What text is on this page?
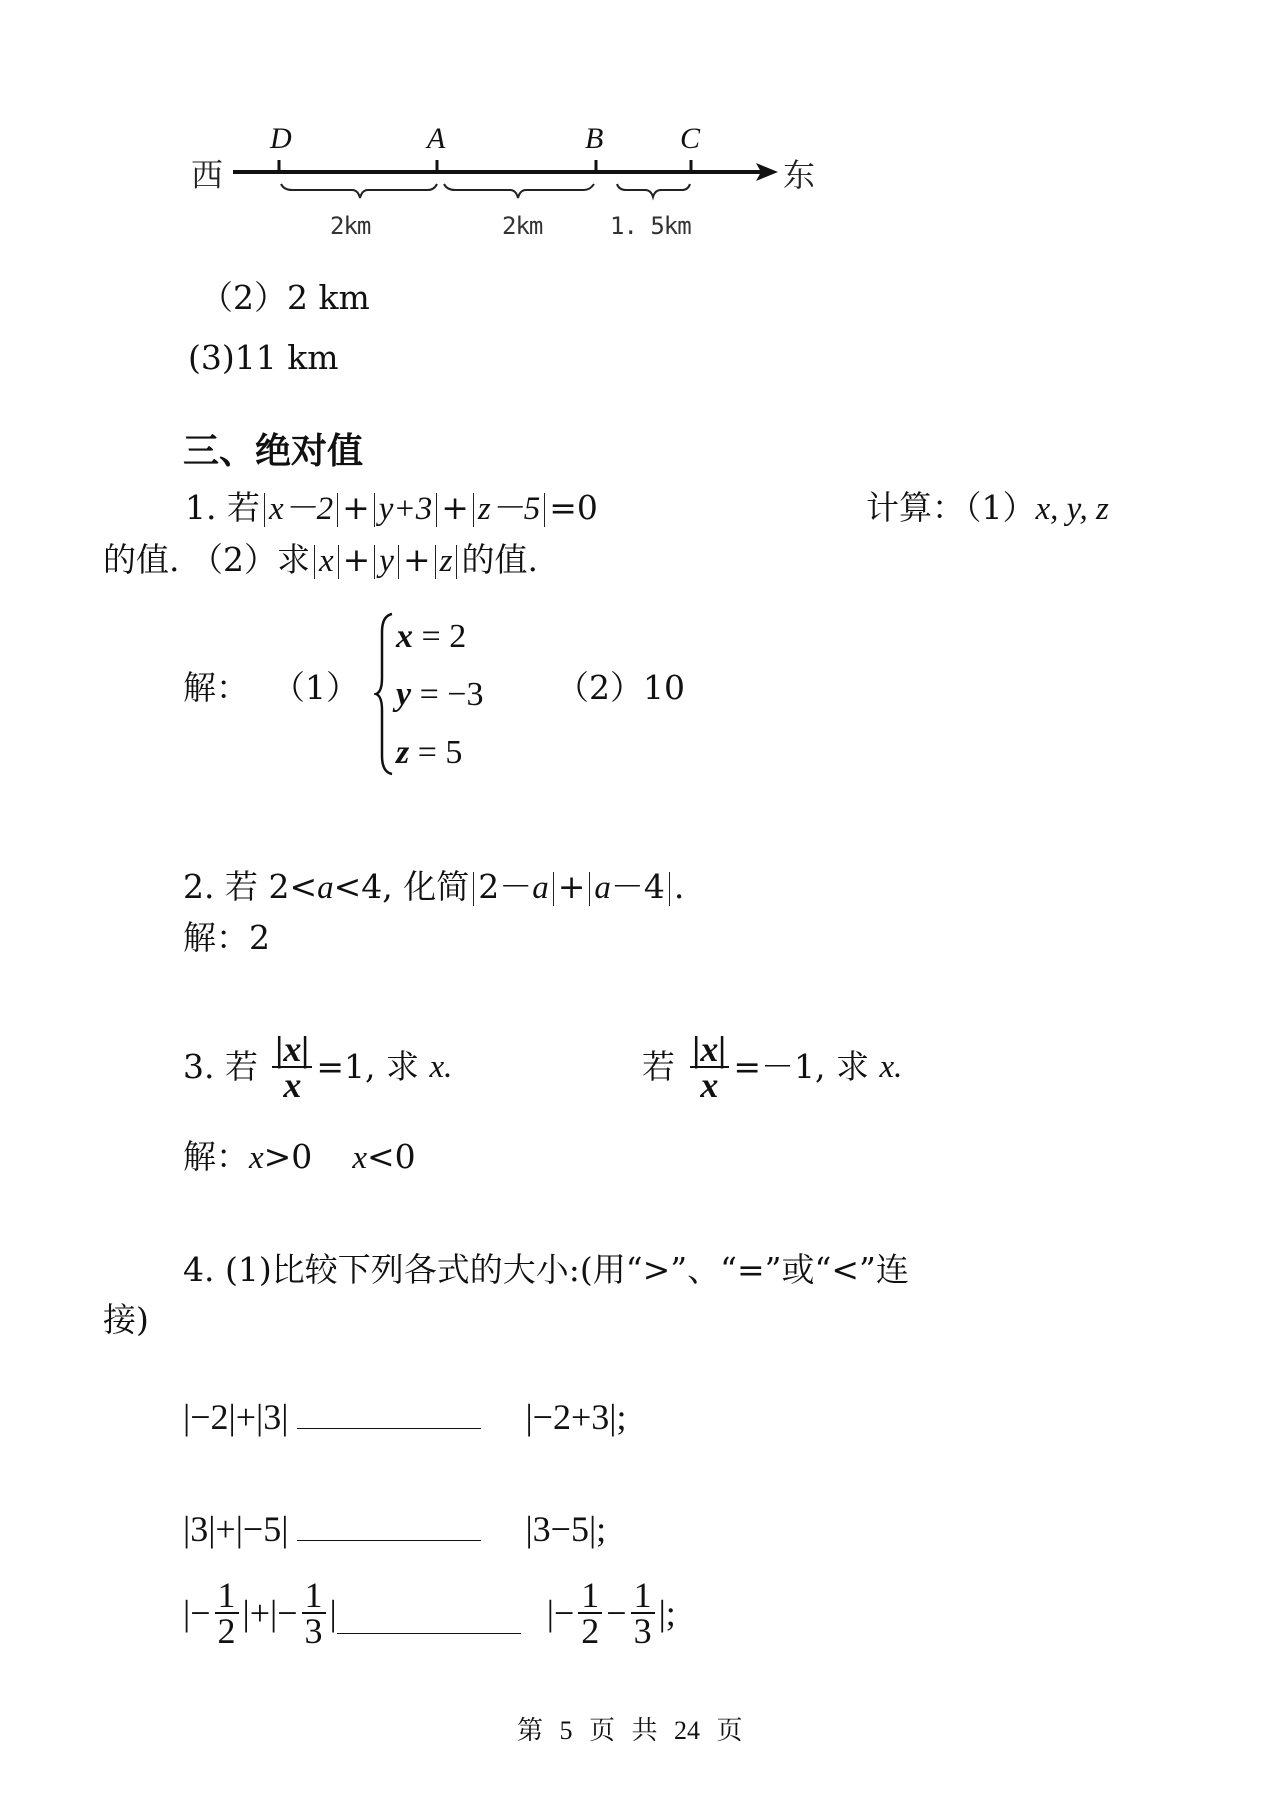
西	东
D	A	B	C
2km	2km	1. 5km
（2）2 km
(3)11 km
三、绝对值
1. 若 x－2 + y+3 + z－5 =0	计算：（1）x, y, z
的值. （2）求 x + y + z 的值.
解： （1）
x = 2
y = −3
z = 5
（2）10
2. 若 2<a<4, 化简 2－a + a－4 .
解：2
3. 若 $\frac{|x|}{x} =1$, 求 x.	若 $\frac{|x|}{x} =-1$, 求 x.
解：x>0 x<0
4. (1)比较下列各式的大小:(用“>”、“=”或“<”连
接)
|−2|+|3|	|−2+3|;
|3|+|−5|	|3−5|;
|− $\frac{1}{2}$ |+|− $\frac{1}{3}$ |	|− $\frac{1}{2} - \frac{1}{3}$ |;
第 5 页 共 24 页
